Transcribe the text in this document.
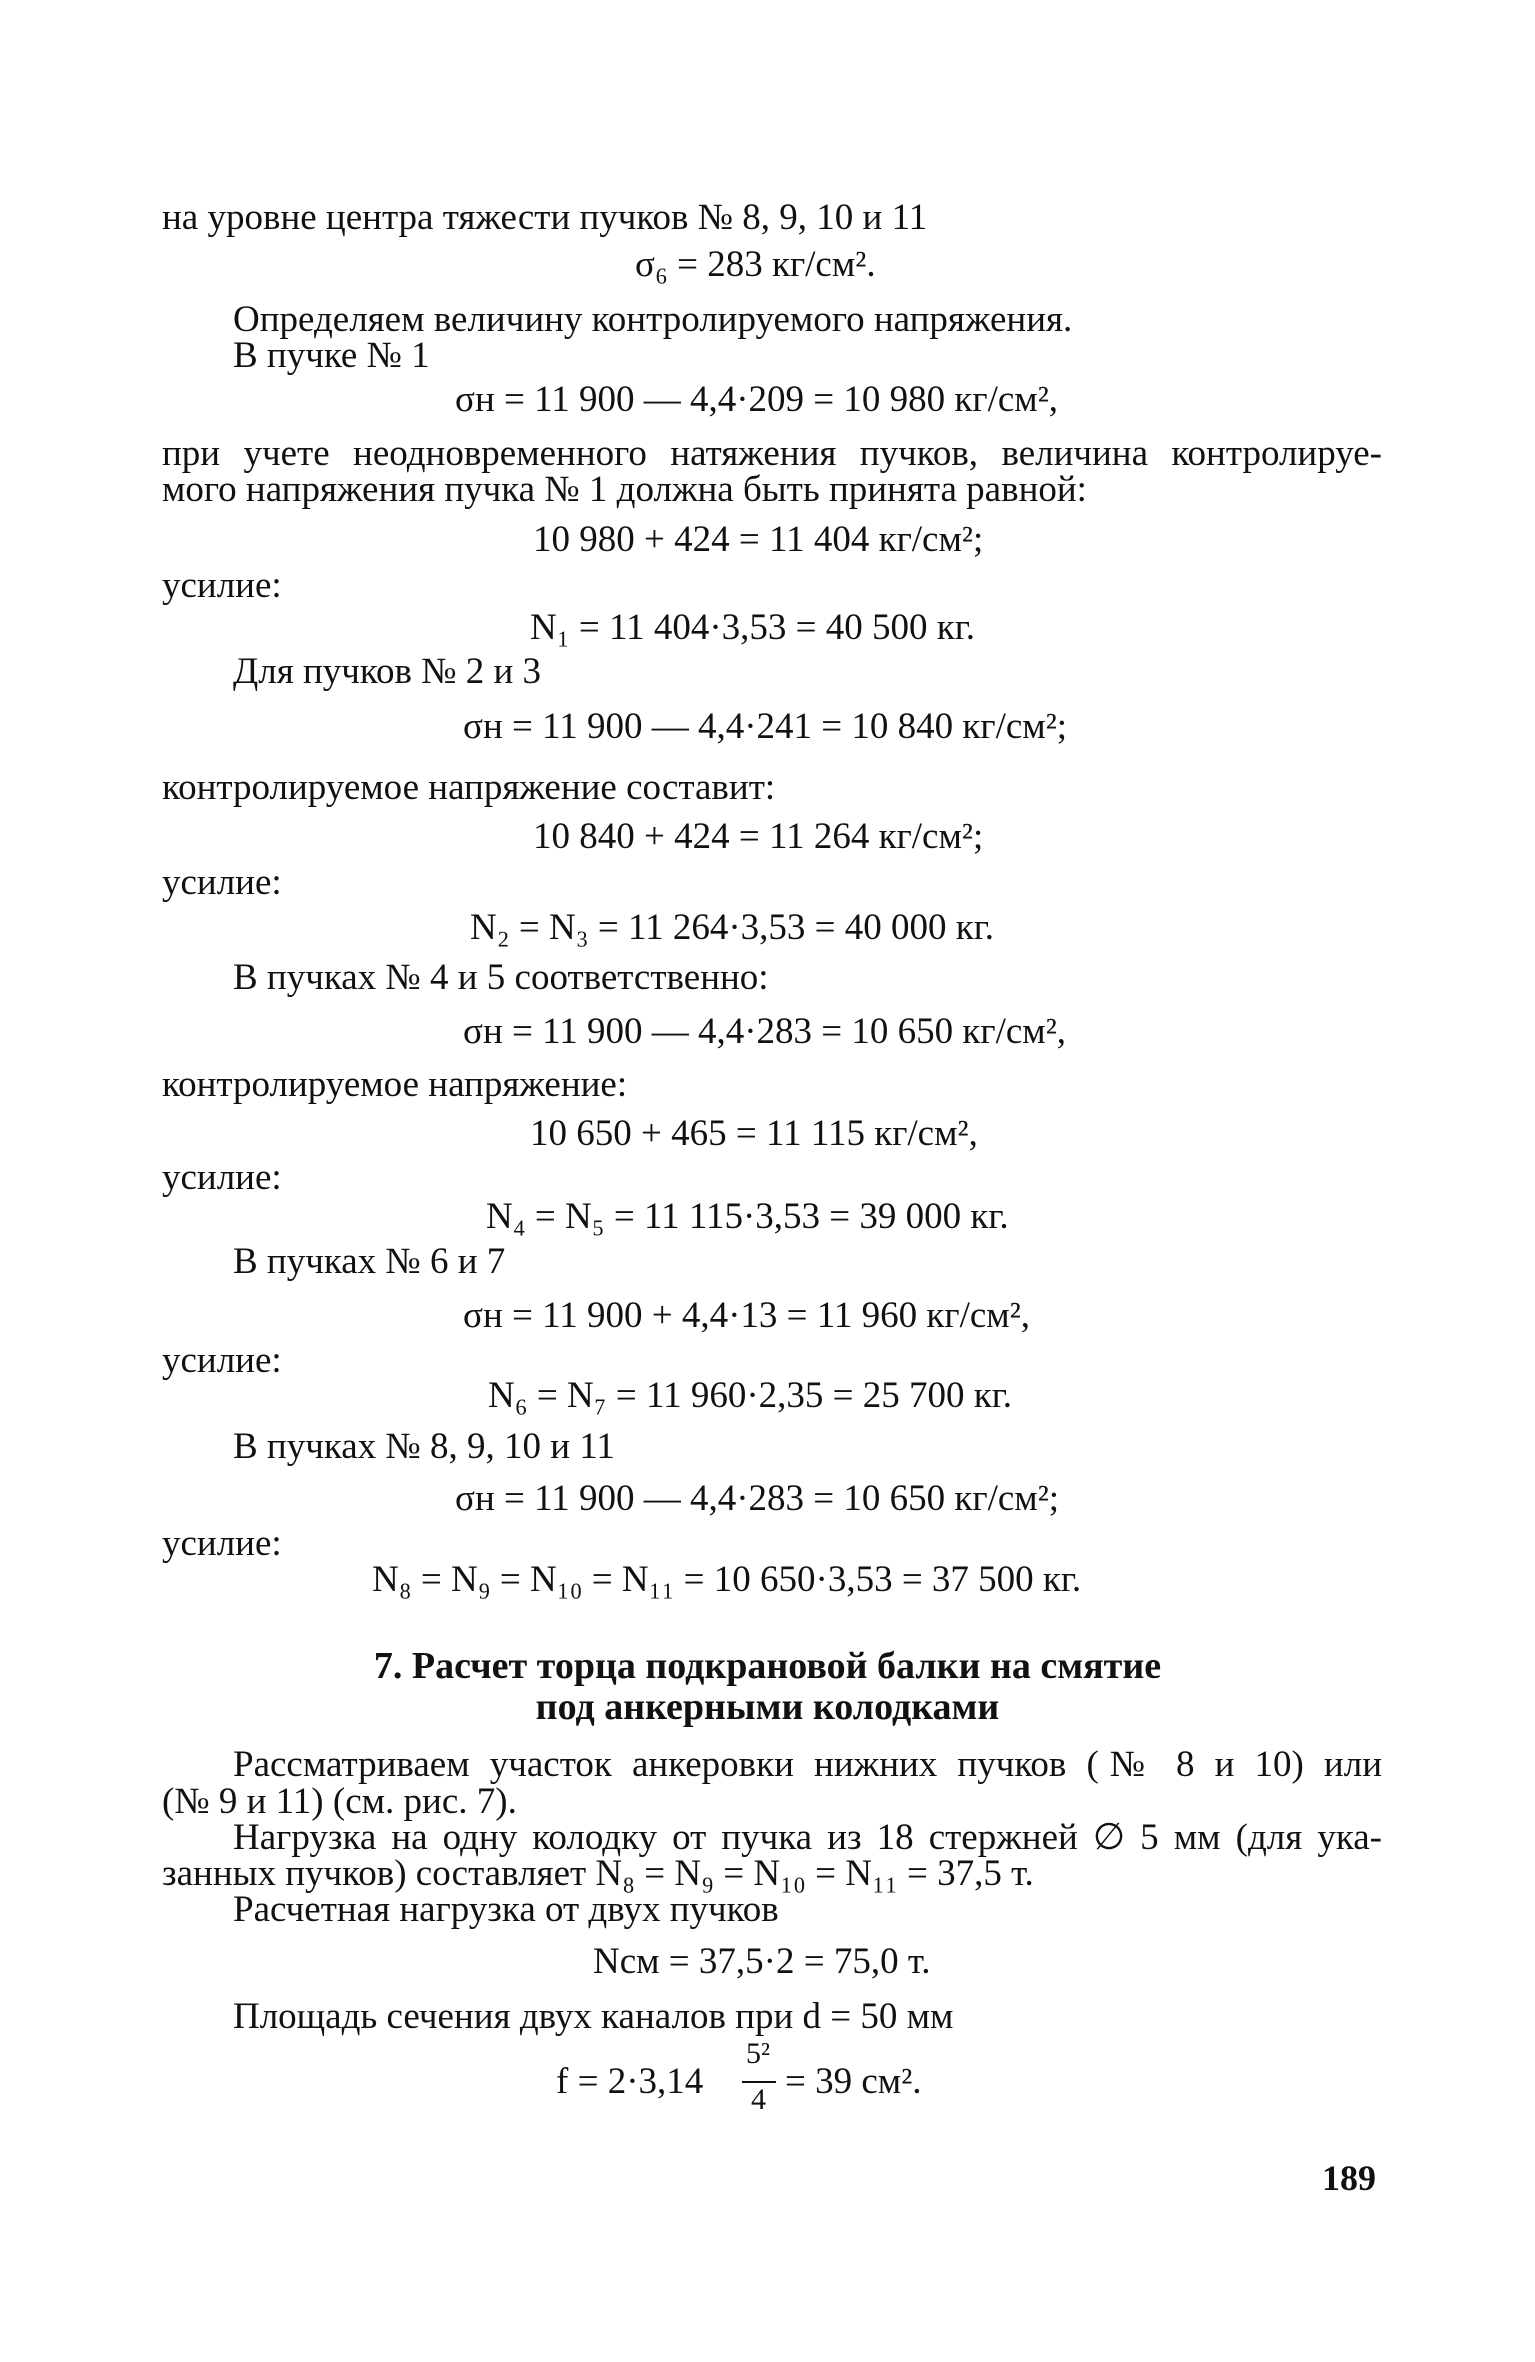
на уровне центра тяжести пучков № 8, 9, 10 и 11
σ₆ = 283 кг/см².
Определяем величину контролируемого напряжения.
В пучке № 1
σн = 11 900 — 4,4·209 = 10 980 кг/см²,
при учете неодновременного натяжения пучков, величина контролируе-
мого напряжения пучка № 1 должна быть принята равной:
10 980 + 424 = 11 404 кг/см²;
усилие:
N₁ = 11 404·3,53 = 40 500 кг.
Для пучков № 2 и 3
σн = 11 900 — 4,4·241 = 10 840 кг/см²;
контролируемое напряжение составит:
10 840 + 424 = 11 264 кг/см²;
усилие:
N₂ = N₃ = 11 264·3,53 = 40 000 кг.
В пучках № 4 и 5 соответственно:
σн = 11 900 — 4,4·283 = 10 650 кг/см²,
контролируемое напряжение:
10 650 + 465 = 11 115 кг/см²,
усилие:
N₄ = N₅ = 11 115·3,53 = 39 000 кг.
В пучках № 6 и 7
σн = 11 900 + 4,4·13 = 11 960 кг/см²,
усилие:
N₆ = N₇ = 11 960·2,35 = 25 700 кг.
В пучках № 8, 9, 10 и 11
σн = 11 900 — 4,4·283 = 10 650 кг/см²;
усилие:
N₈ = N₉ = N₁₀ = N₁₁ = 10 650·3,53 = 37 500 кг.
7. Расчет торца подкрановой балки на смятие
под анкерными колодками
Рассматриваем участок анкеровки нижних пучков (№ 8 и 10) или
(№ 9 и 11) (см. рис. 7).
Нагрузка на одну колодку от пучка из 18 стержней ∅ 5 мм (для ука-
занных пучков) составляет N₈ = N₉ = N₁₀ = N₁₁ = 37,5 т.
Расчетная нагрузка от двух пучков
Nсм = 37,5·2 = 75,0 т.
Площадь сечения двух каналов при d = 50 мм
f = 2·3,14
5²
4 = 39 см².
189
